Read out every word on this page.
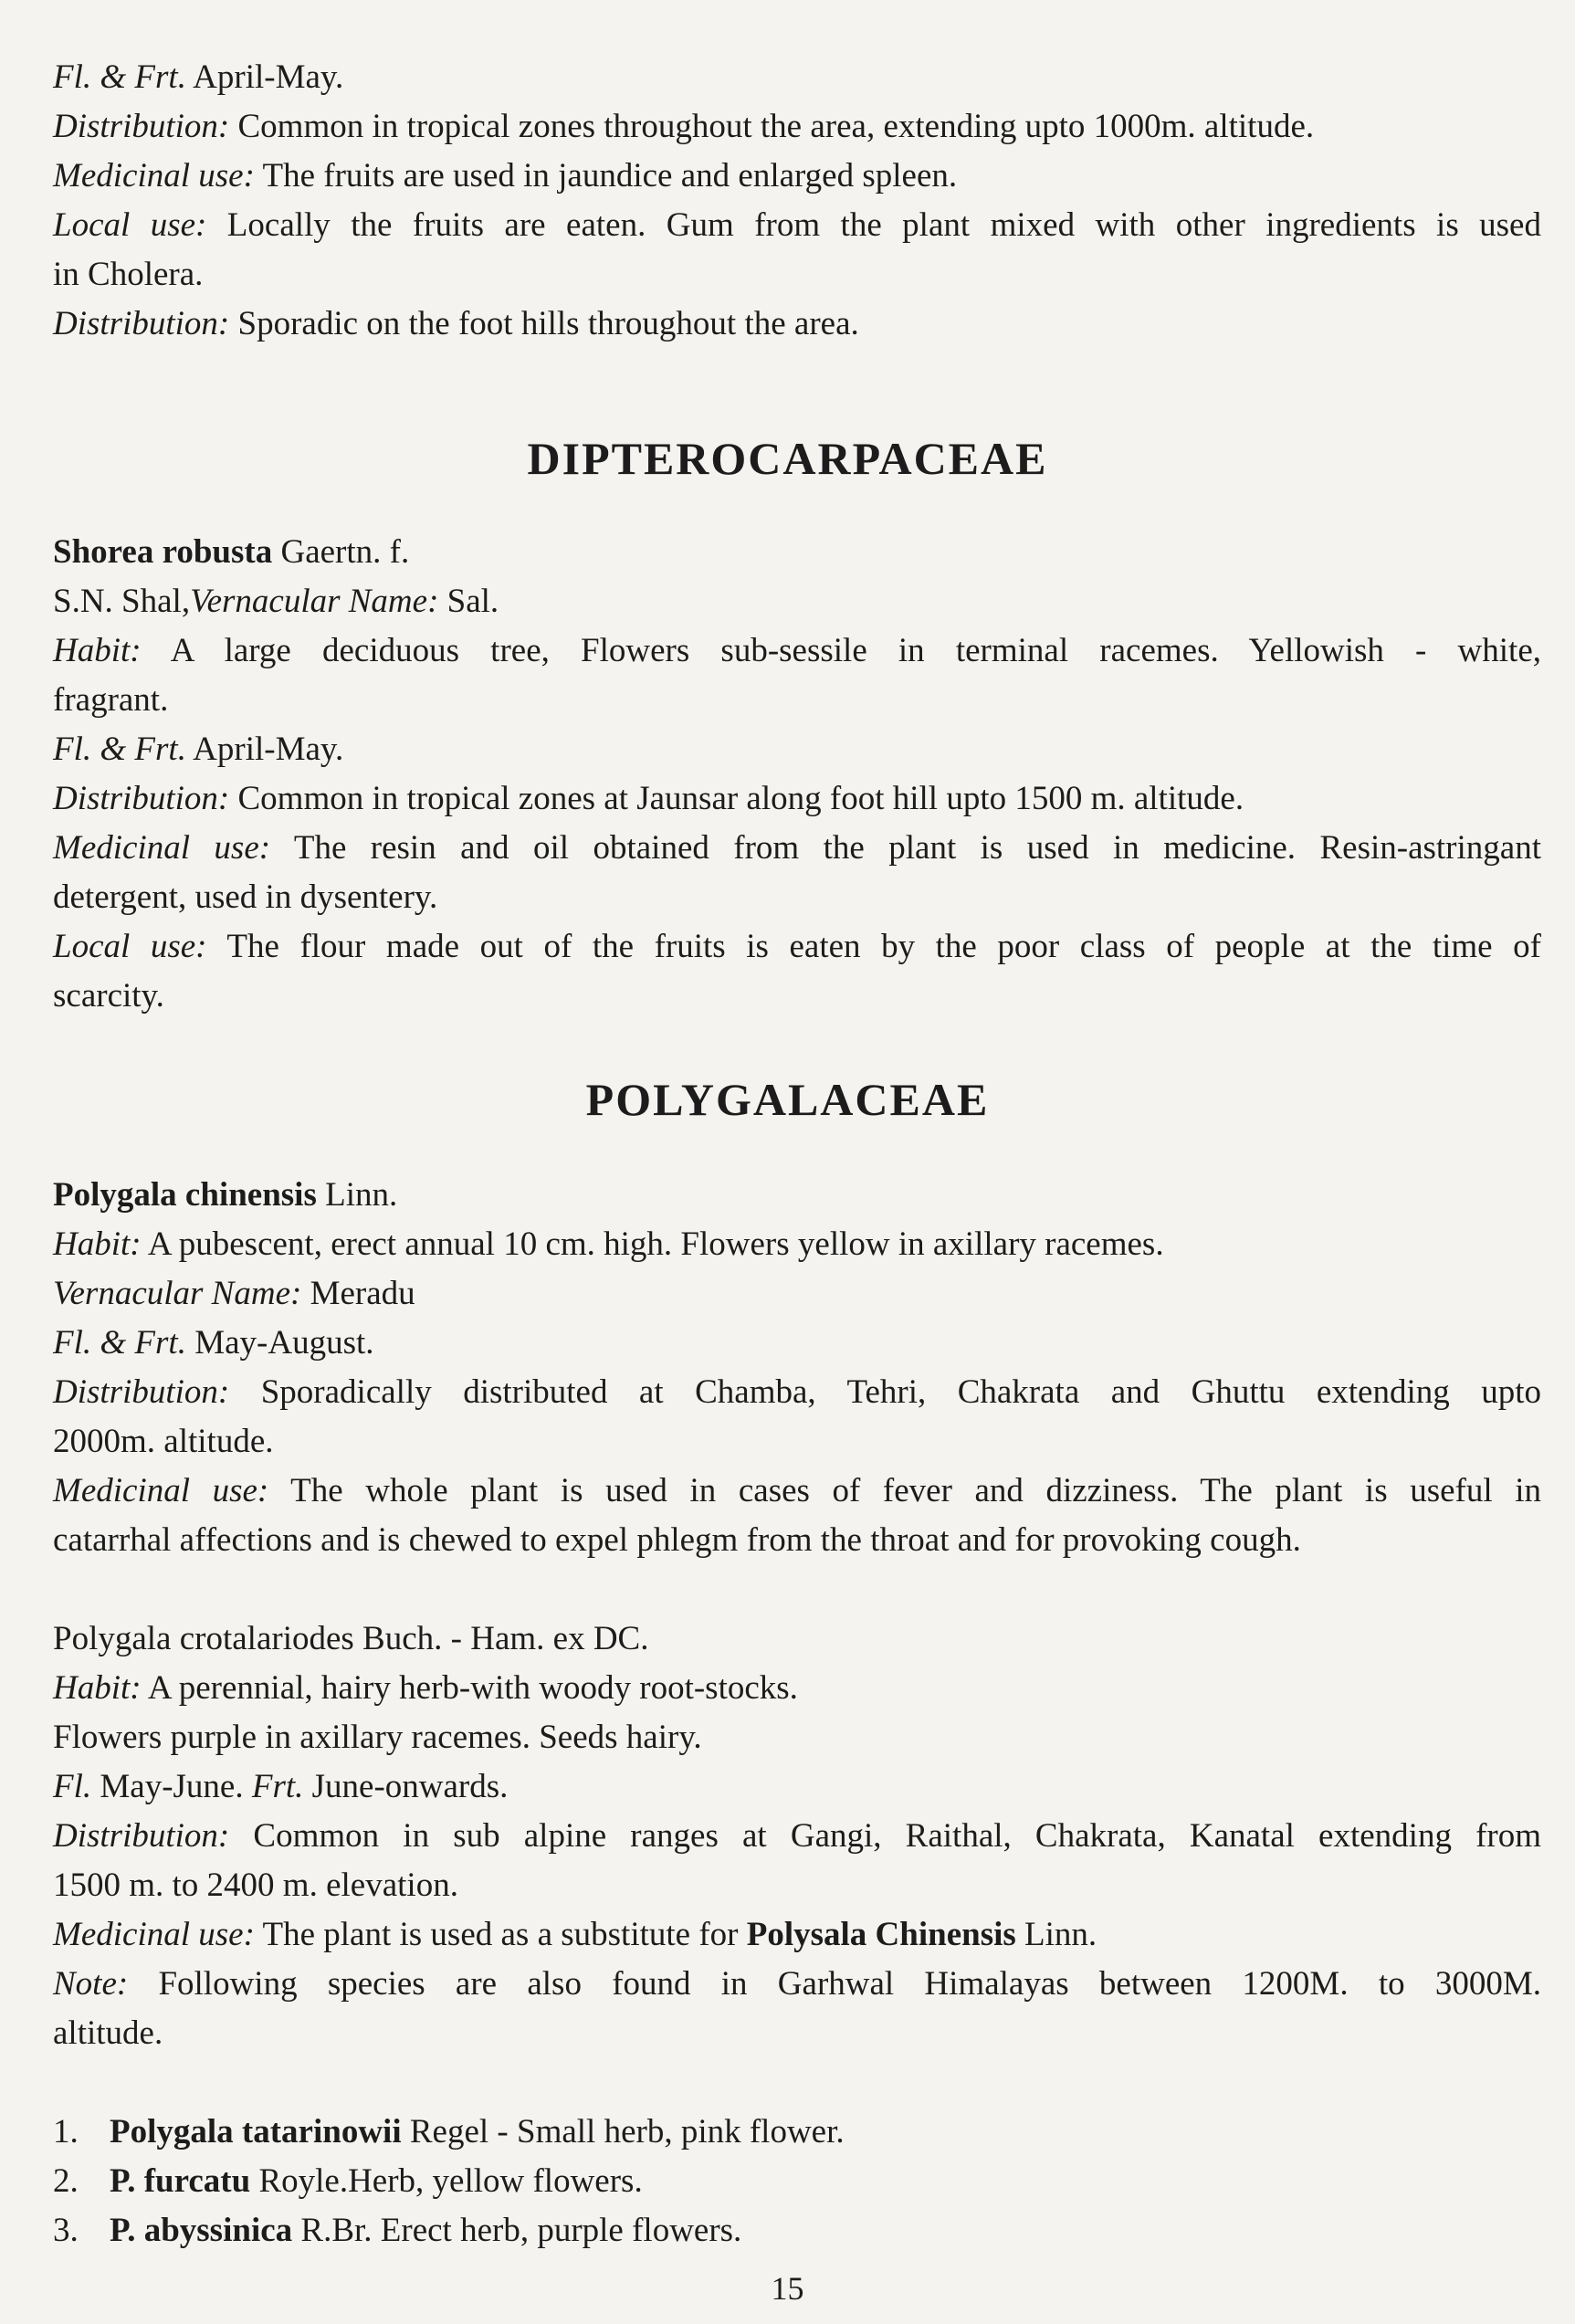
Fl. & Frt. April-May.
Distribution: Common in tropical zones throughout the area, extending upto 1000m. altitude.
Medicinal use: The fruits are used in jaundice and enlarged spleen.
Local use: Locally the fruits are eaten. Gum from the plant mixed with other ingredients is used
in Cholera.
Distribution: Sporadic on the foot hills throughout the area.
DIPTEROCARPACEAE
Shorea robusta Gaertn. f.
S.N. Shal,Vernacular Name: Sal.
Habit: A large deciduous tree, Flowers sub-sessile in terminal racemes. Yellowish - white,
fragrant.
Fl. & Frt. April-May.
Distribution: Common in tropical zones at Jaunsar along foot hill upto 1500 m. altitude.
Medicinal use: The resin and oil obtained from the plant is used in medicine. Resin-astringant
detergent, used in dysentery.
Local use: The flour made out of the fruits is eaten by the poor class of people at the time of
scarcity.
POLYGALACEAE
Polygala chinensis Linn.
Habit: A pubescent, erect annual 10 cm. high. Flowers yellow in axillary racemes.
Vernacular Name: Meradu
Fl. & Frt. May-August.
Distribution: Sporadically distributed at Chamba, Tehri, Chakrata and Ghuttu extending upto
2000m. altitude.
Medicinal use: The whole plant is used in cases of fever and dizziness. The plant is useful in
catarrhal affections and is chewed to expel phlegm from the throat and for provoking cough.
Polygala crotalariodes Buch. - Ham. ex DC.
Habit: A perennial, hairy herb-with woody root-stocks.
Flowers purple in axillary racemes. Seeds hairy.
Fl. May-June. Frt. June-onwards.
Distribution: Common in sub alpine ranges at Gangi, Raithal, Chakrata, Kanatal extending from
1500 m. to 2400 m. elevation.
Medicinal use: The plant is used as a substitute for Polysala Chinensis Linn.
Note: Following species are also found in Garhwal Himalayas between 1200M. to 3000M.
altitude.
1. Polygala tatarinowii Regel - Small herb, pink flower.
2. P. furcatu Royle.Herb, yellow flowers.
3. P. abyssinica R.Br. Erect herb, purple flowers.
15
